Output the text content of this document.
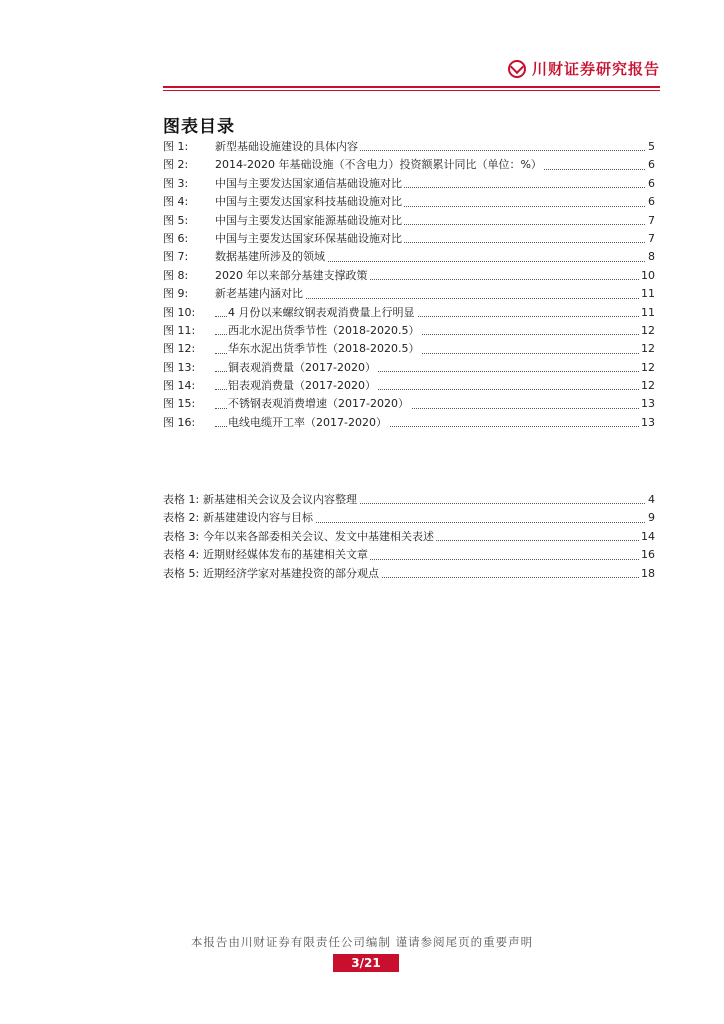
川财证券研究报告
图表目录
图 1: 新型基础设施建设的具体内容	5
图 2: 2014-2020 年基础设施（不含电力）投资额累计同比（单位：%）	6
图 3: 中国与主要发达国家通信基础设施对比	6
图 4: 中国与主要发达国家科技基础设施对比	6
图 5: 中国与主要发达国家能源基础设施对比	7
图 6: 中国与主要发达国家环保基础设施对比	7
图 7: 数据基建所涉及的领域	8
图 8: 2020 年以来部分基建支撑政策	10
图 9: 新老基建内涵对比	11
图 10:	4 月份以来螺纹钢表观消费量上行明显	11
图 11:	西北水泥出货季节性（2018-2020.5）	12
图 12:	华东水泥出货季节性（2018-2020.5）	12
图 13:	铜表观消费量（2017-2020）	12
图 14:	铝表观消费量（2017-2020）	12
图 15:	不锈钢表观消费增速（2017-2020）	13
图 16:	电线电缆开工率（2017-2020）	13
表格 1: 新基建相关会议及会议内容整理	4
表格 2: 新基建建设内容与目标	9
表格 3: 今年以来各部委相关会议、发文中基建相关表述	14
表格 4: 近期财经媒体发布的基建相关文章	16
表格 5: 近期经济学家对基建投资的部分观点	18
本报告由川财证券有限责任公司编制 谨请参阅尾页的重要声明
3/21
